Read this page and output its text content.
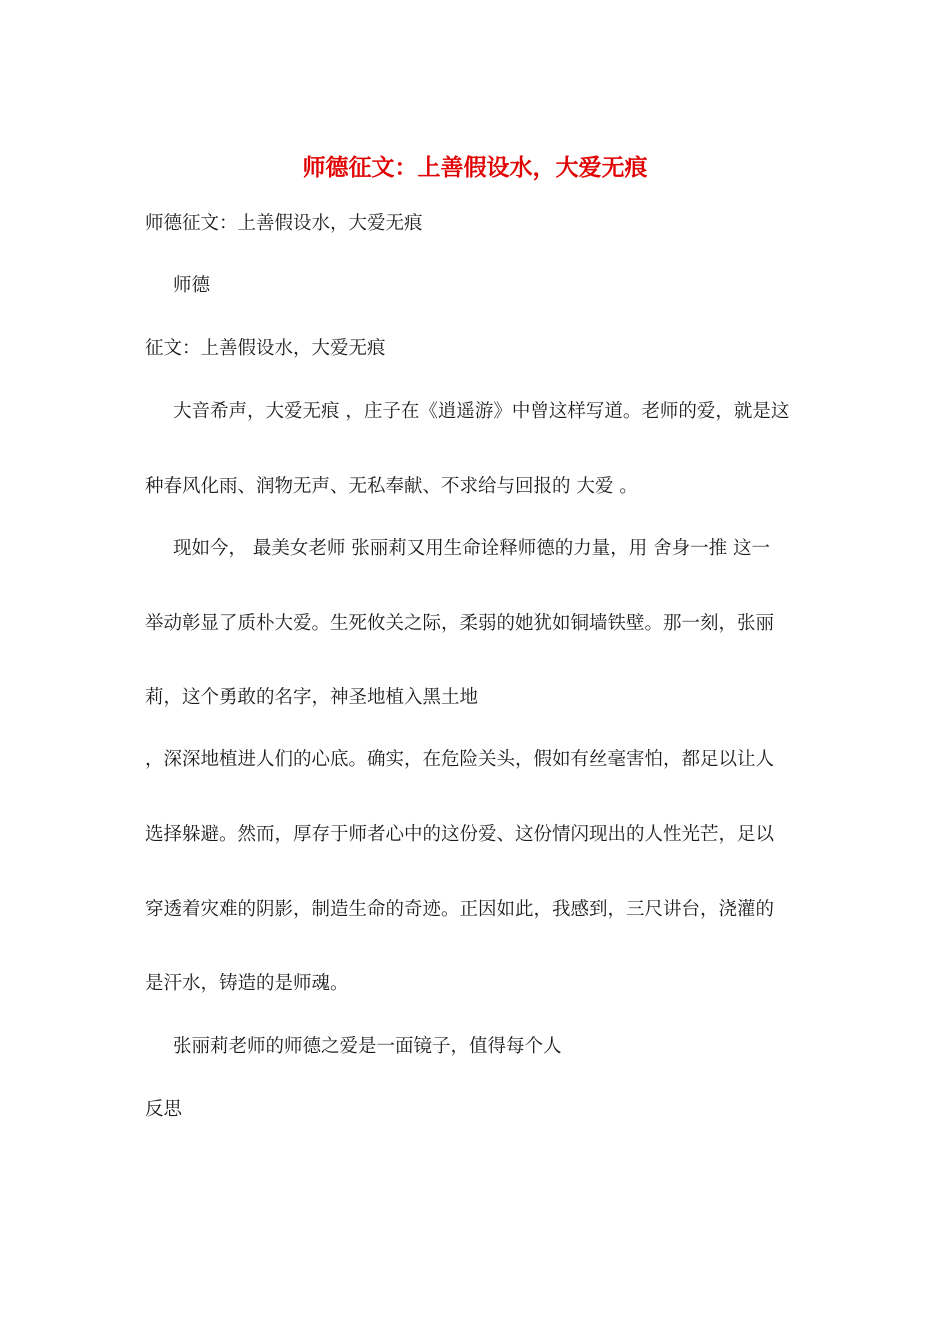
师德征文：上善假设水，大爱无痕
师德征文：上善假设水，大爱无痕
师德
征文：上善假设水，大爱无痕
大音希声，大爱无痕 ，庄子在《逍遥游》中曾这样写道。老师的爱，就是这
种春风化雨、润物无声、无私奉献、不求给与回报的 大爱 。
现如今， 最美女老师 张丽莉又用生命诠释师德的力量，用 舍身一推 这一
举动彰显了质朴大爱。生死攸关之际，柔弱的她犹如铜墙铁壁。那一刻，张丽
莉，这个勇敢的名字，神圣地植入黑土地
，深深地植进人们的心底。确实，在危险关头，假如有丝毫害怕，都足以让人
选择躲避。然而，厚存于师者心中的这份爱、这份情闪现出的人性光芒，足以
穿透着灾难的阴影，制造生命的奇迹。正因如此，我感到，三尺讲台，浇灌的
是汗水，铸造的是师魂。
张丽莉老师的师德之爱是一面镜子，值得每个人
反思
